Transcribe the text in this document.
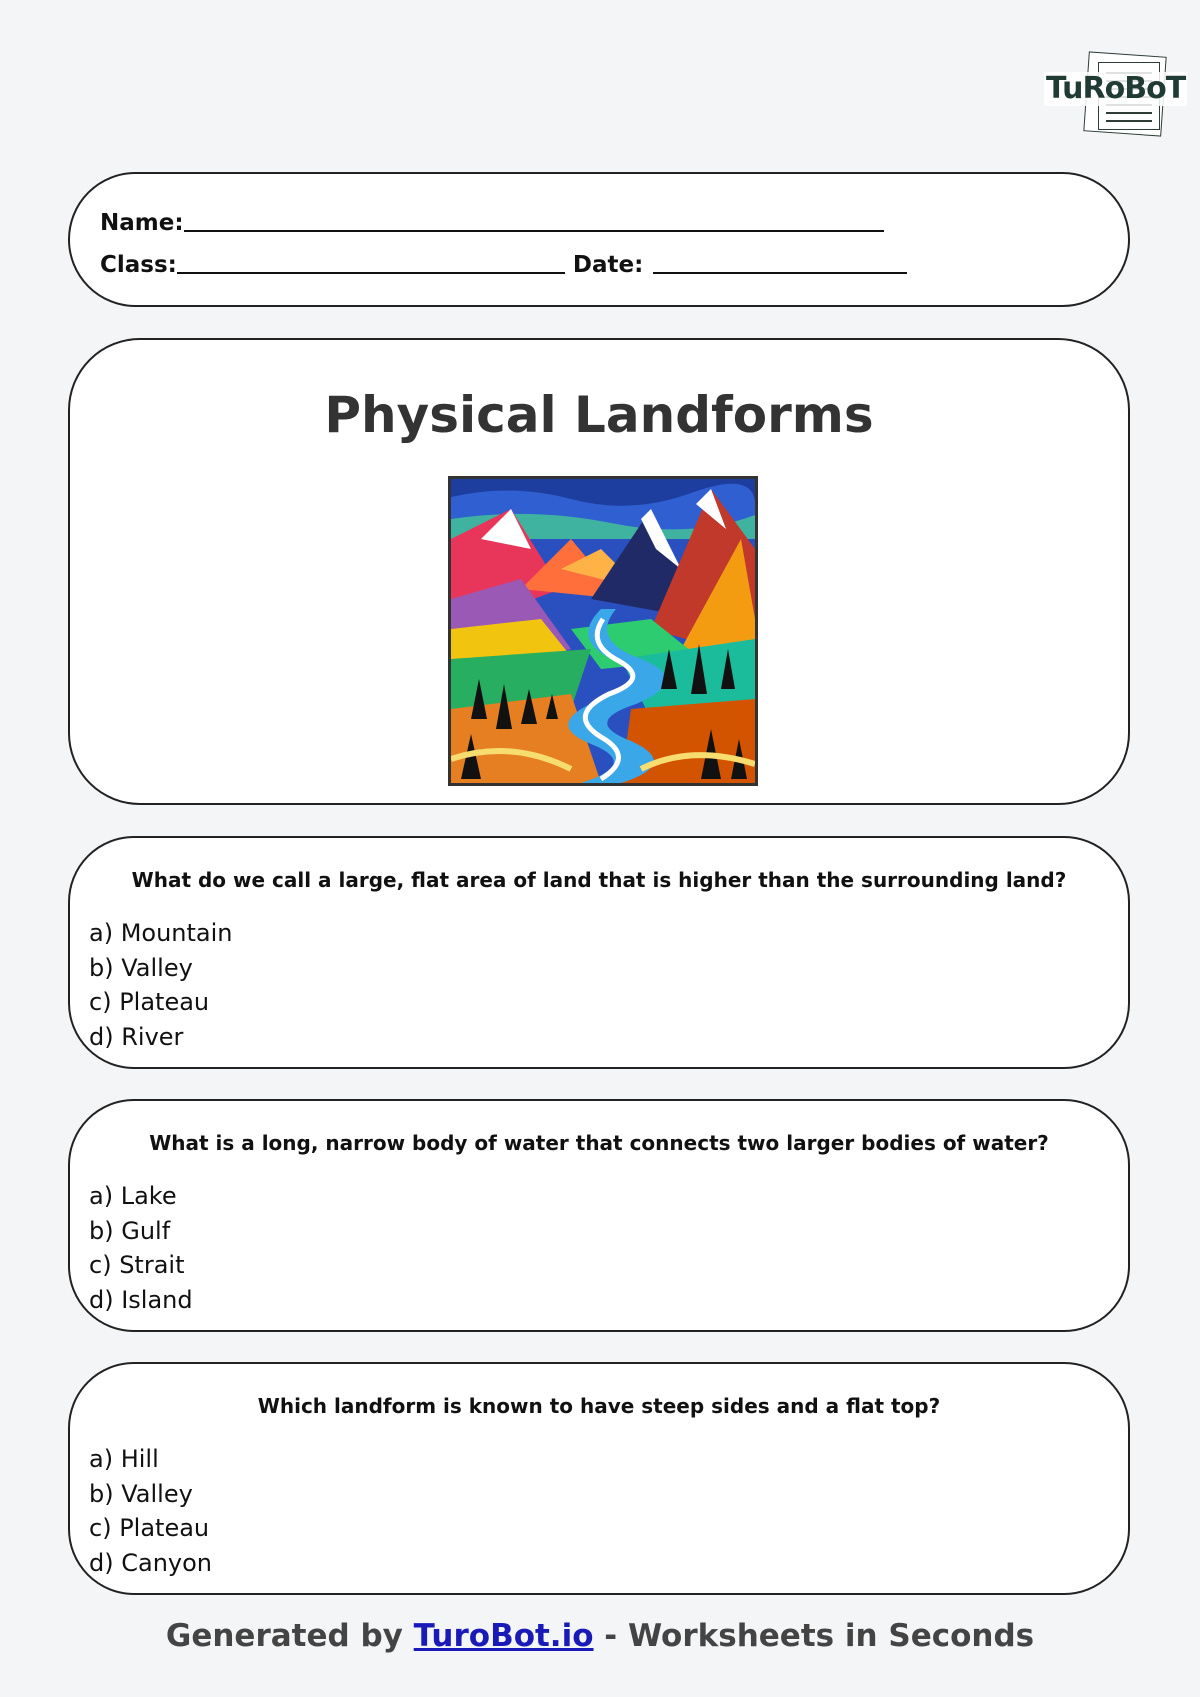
TuRoBoT
Name:
Class:	Date:
Physical Landforms
What do we call a large, flat area of land that is higher than the surrounding land?
a) Mountain
b) Valley
c) Plateau
d) River
What is a long, narrow body of water that connects two larger bodies of water?
a) Lake
b) Gulf
c) Strait
d) Island
Which landform is known to have steep sides and a flat top?
a) Hill
b) Valley
c) Plateau
d) Canyon
Generated by TuroBot.io - Worksheets in Seconds
